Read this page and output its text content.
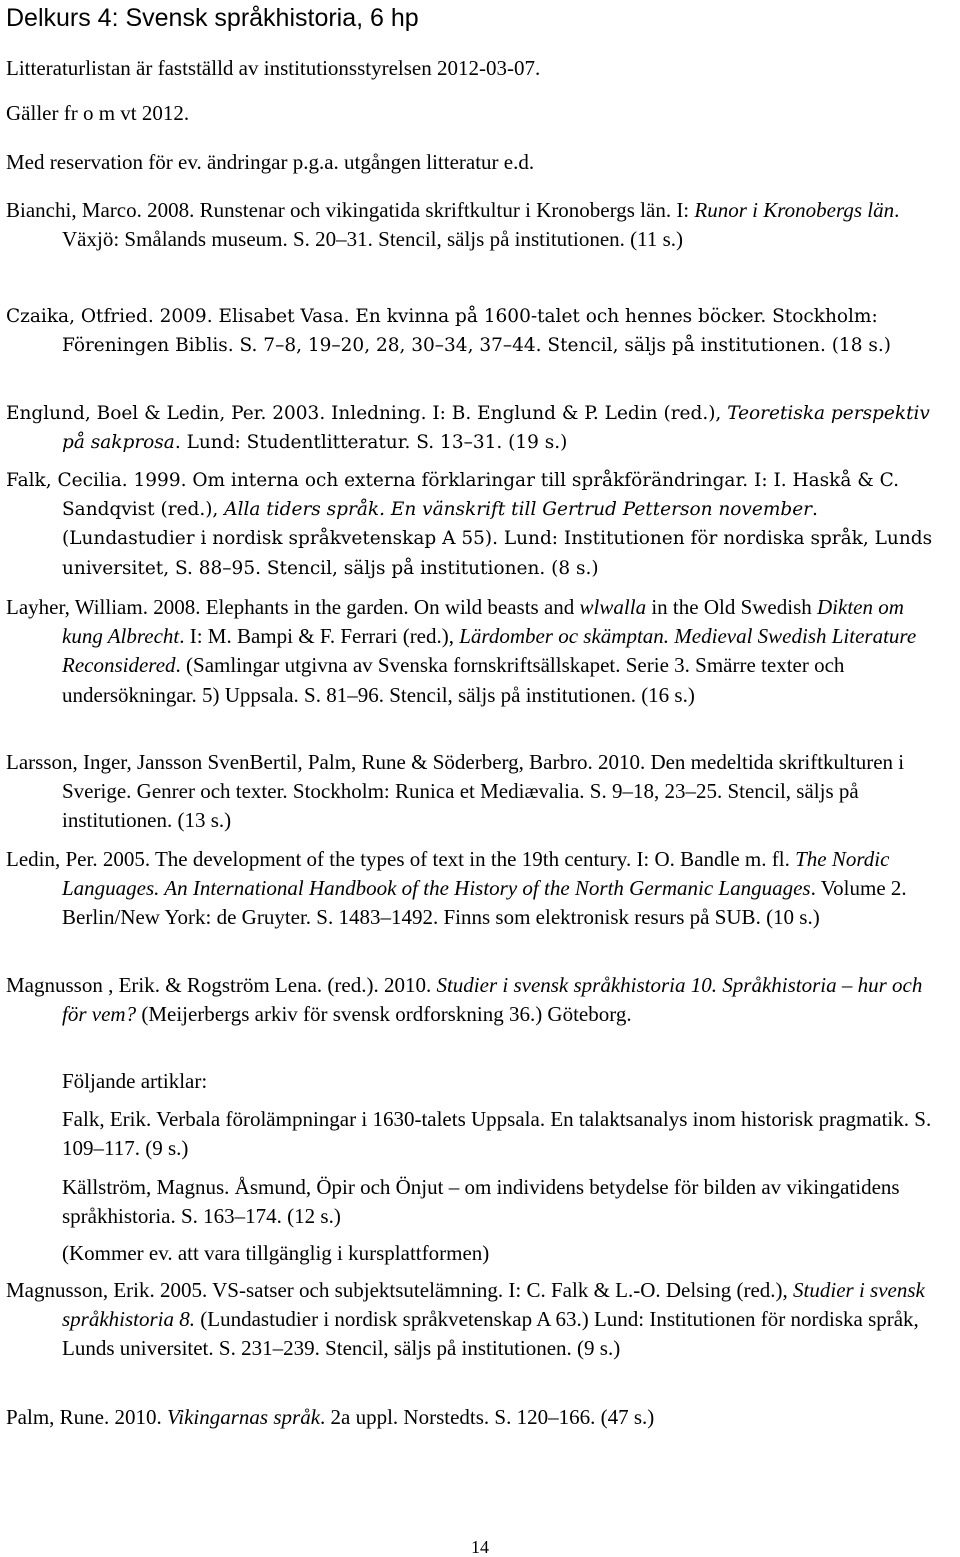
Delkurs 4: Svensk språkhistoria, 6 hp

Litteraturlistan är fastställd av institutionsstyrelsen 2012-03-07.

Gäller fr o m vt 2012.

Med reservation för ev. ändringar p.g.a. utgången litteratur e.d.

Bianchi, Marco. 2008. Runstenar och vikingatida skriftkultur i Kronobergs län. I: Runor i Kronobergs län. Växjö: Smålands museum. S. 20–31. Stencil, säljs på institutionen. (11 s.)

Czaika, Otfried. 2009. Elisabet Vasa. En kvinna på 1600-talet och hennes böcker. Stockholm: Föreningen Biblis. S. 7–8, 19–20, 28, 30–34, 37–44. Stencil, säljs på institutionen. (18 s.)

Englund, Boel & Ledin, Per. 2003. Inledning. I: B. Englund & P. Ledin (red.), Teoretiska perspektiv på sakprosa. Lund: Studentlitteratur. S. 13–31. (19 s.)

Falk, Cecilia. 1999. Om interna och externa förklaringar till språkförändringar. I: I. Haskå & C. Sandqvist (red.), Alla tiders språk. En vänskrift till Gertrud Petterson november. (Lundastudier i nordisk språkvetenskap A 55). Lund: Institutionen för nordiska språk, Lunds universitet, S. 88–95. Stencil, säljs på institutionen. (8 s.)

Layher, William. 2008. Elephants in the garden. On wild beasts and wlwalla in the Old Swedish Dikten om kung Albrecht. I: M. Bampi & F. Ferrari (red.), Lärdomber oc skämptan. Medieval Swedish Literature Reconsidered. (Samlingar utgivna av Svenska fornskriftsällskapet. Serie 3. Smärre texter och undersökningar. 5) Uppsala. S. 81–96. Stencil, säljs på institutionen. (16 s.)

Larsson, Inger, Jansson SvenBertil, Palm, Rune & Söderberg, Barbro. 2010. Den medeltida skriftkulturen i Sverige. Genrer och texter. Stockholm: Runica et Mediævalia. S. 9–18, 23–25. Stencil, säljs på institutionen. (13 s.)

Ledin, Per. 2005. The development of the types of text in the 19th century. I: O. Bandle m. fl. The Nordic Languages. An International Handbook of the History of the North Germanic Languages. Volume 2. Berlin/New York: de Gruyter. S. 1483–1492. Finns som elektronisk resurs på SUB. (10 s.)

Magnusson , Erik. & Rogström Lena. (red.). 2010. Studier i svensk språkhistoria 10. Språkhistoria – hur och för vem? (Meijerbergs arkiv för svensk ordforskning 36.) Göteborg.

Följande artiklar:

Falk, Erik. Verbala förolämpningar i 1630-talets Uppsala. En talaktsanalys inom historisk pragmatik. S. 109–117. (9 s.)

Källström, Magnus. Åsmund, Öpir och Önjut – om individens betydelse för bilden av vikingatidens språkhistoria. S. 163–174. (12 s.)

(Kommer ev. att vara tillgänglig i kursplattformen)

Magnusson, Erik. 2005. VS-satser och subjektsutelämning. I: C. Falk & L.-O. Delsing (red.), Studier i svensk språkhistoria 8. (Lundastudier i nordisk språkvetenskap A 63.) Lund: Institutionen för nordiska språk, Lunds universitet. S. 231–239. Stencil, säljs på institutionen. (9 s.)

Palm, Rune. 2010. Vikingarnas språk. 2a uppl. Norstedts. S. 120–166. (47 s.)

14
